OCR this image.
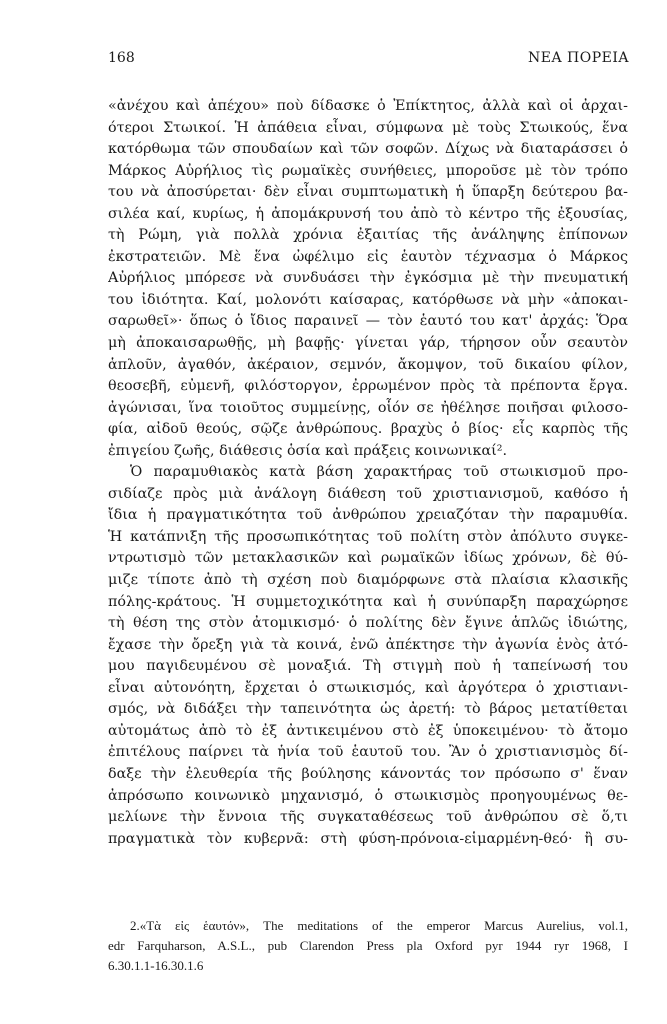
168	ΝΕΑ ΠΟΡΕΙΑ
«ἀνέχου καὶ ἀπέχου» ποὺ δίδασκε ὁ Ἐπίκτητος, ἀλλὰ καὶ οἱ ἀρχαι-
ότεροι Στωικοί. Ἡ ἀπάθεια εἶναι, σύμφωνα μὲ τοὺς Στωικούς, ἕνα
κατόρθωμα τῶν σπουδαίων καὶ τῶν σοφῶν. Δίχως νὰ διαταράσσει ὁ
Μάρκος Αὐρήλιος τὶς ρωμαϊκὲς συνήθειες, μποροῦσε μὲ τὸν τρόπο
του νὰ ἀποσύρεται· δὲν εἶναι συμπτωματικὴ ἡ ὕπαρξη δεύτερου βα-
σιλέα καί, κυρίως, ἡ ἀπομάκρυνσή του ἀπὸ τὸ κέντρο τῆς ἐξουσίας,
τὴ Ρώμη, γιὰ πολλὰ χρόνια ἐξαιτίας τῆς ἀνάληψης ἐπίπονων
ἐκστρατειῶν. Μὲ ἕνα ὠφέλιμο εἰς ἑαυτὸν τέχνασμα ὁ Μάρκος
Αὐρήλιος μπόρεσε νὰ συνδυάσει τὴν ἐγκόσμια μὲ τὴν πνευματική
του ἰδιότητα. Καί, μολονότι καίσαρας, κατόρθωσε νὰ μὴν «ἀποκαι-
σαρωθεῖ»· ὅπως ὁ ἴδιος παραινεῖ — τὸν ἑαυτό του κατ' ἀρχάς: Ὅρα
μὴ ἀποκαισαρωθῇς, μὴ βαφῇς· γίνεται γάρ, τήρησον οὖν σεαυτὸν
ἁπλοῦν, ἀγαθόν, ἀκέραιον, σεμνόν, ἄκομψον, τοῦ δικαίου φίλον,
θεοσεβῆ, εὐμενῆ, φιλόστοργον, ἐρρωμένον πρὸς τὰ πρέποντα ἔργα.
ἀγώνισαι, ἵνα τοιοῦτος συμμείνῃς, οἷόν σε ἠθέλησε ποιῆσαι φιλοσο-
φία, αἰδοῦ θεούς, σῷζε ἀνθρώπους. βραχὺς ὁ βίος· εἷς καρπὸς τῆς
ἐπιγείου ζωῆς, διάθεσις ὁσία καὶ πράξεις κοινωνικαί².
Ὁ παραμυθιακὸς κατὰ βάση χαρακτήρας τοῦ στωικισμοῦ προ-
σιδίαζε πρὸς μιὰ ἀνάλογη διάθεση τοῦ χριστιανισμοῦ, καθόσο ἡ
ἴδια ἡ πραγματικότητα τοῦ ἀνθρώπου χρειαζόταν τὴν παραμυθία.
Ἡ κατάπνιξη τῆς προσωπικότητας τοῦ πολίτη στὸν ἀπόλυτο συγκε-
ντρωτισμὸ τῶν μετακλασικῶν καὶ ρωμαϊκῶν ἰδίως χρόνων, δὲ θύ-
μιζε τίποτε ἀπὸ τὴ σχέση ποὺ διαμόρφωνε στὰ πλαίσια κλασικῆς
πόλης-κράτους. Ἡ συμμετοχικότητα καὶ ἡ συνύπαρξη παραχώρησε
τὴ θέση της στὸν ἀτομικισμό· ὁ πολίτης δὲν ἔγινε ἁπλῶς ἰδιώτης,
ἔχασε τὴν ὄρεξη γιὰ τὰ κοινά, ἐνῶ ἀπέκτησε τὴν ἀγωνία ἑνὸς ἀτό-
μου παγιδευμένου σὲ μοναξιά. Τὴ στιγμὴ ποὺ ἡ ταπείνωσή του
εἶναι αὐτονόητη, ἔρχεται ὁ στωικισμός, καὶ ἀργότερα ὁ χριστιανι-
σμός, νὰ διδάξει τὴν ταπεινότητα ὡς ἀρετή: τὸ βάρος μετατίθεται
αὐτομάτως ἀπὸ τὸ ἐξ ἀντικειμένου στὸ ἐξ ὑποκειμένου· τὸ ἄτομο
ἐπιτέλους παίρνει τὰ ἡνία τοῦ ἑαυτοῦ του. Ἂν ὁ χριστιανισμὸς δί-
δαξε τὴν ἐλευθερία τῆς βούλησης κάνοντάς τον πρόσωπο σ' ἕναν
ἀπρόσωπο κοινωνικὸ μηχανισμό, ὁ στωικισμὸς προηγουμένως θε-
μελίωνε τὴν ἔννοια τῆς συγκαταθέσεως τοῦ ἀνθρώπου σὲ ὅ,τι
πραγματικὰ τὸν κυβερνᾶ: στὴ φύση-πρόνοια-εἱμαρμένη-θεό· ἢ συ-
2.«Τὰ εἰς ἑαυτόν», The meditations of the emperor Marcus Aurelius, vol.1,
edr Farquharson, A.S.L., pub Clarendon Press pla Oxford pyr 1944 ryr 1968, I
6.30.1.1-16.30.1.6
